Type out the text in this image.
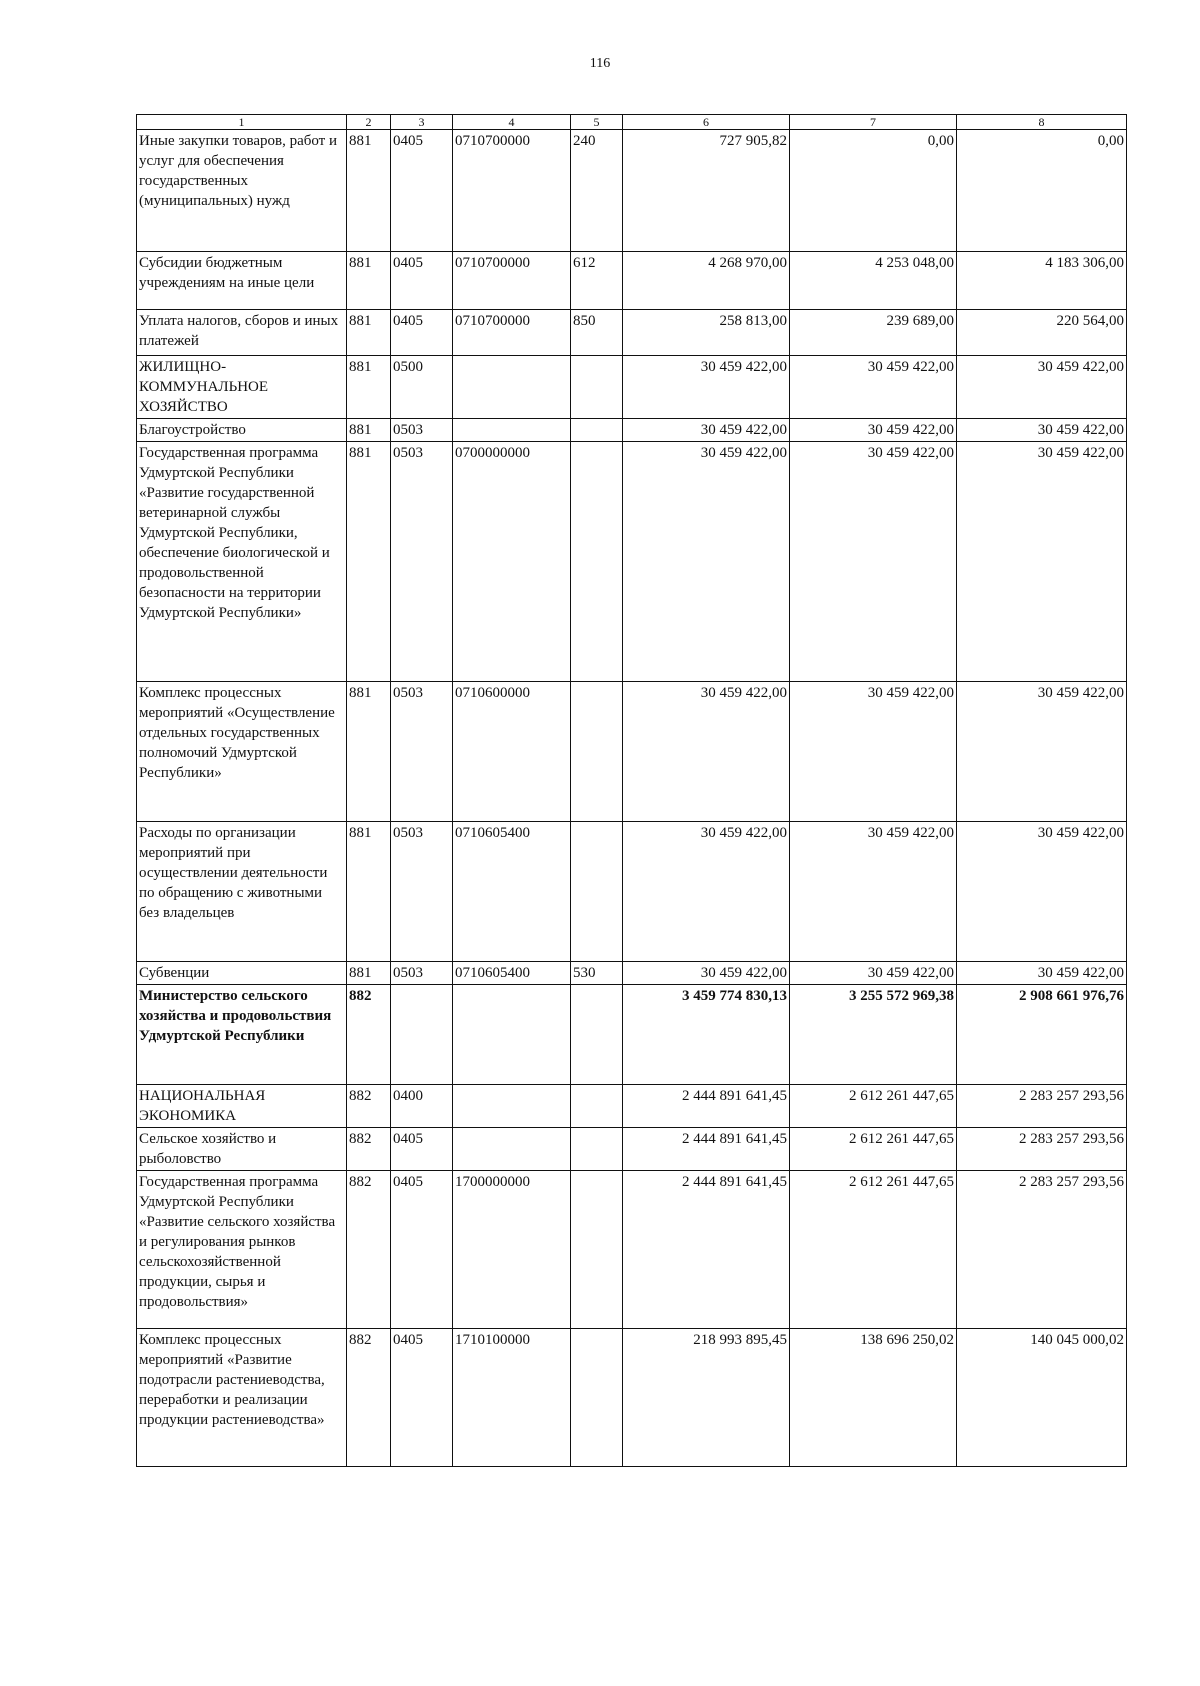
116
1	2	3	4	5	6	7	8
Иные закупки товаров, работ и услуг для обеспечения государственных (муниципальных) нужд	881	0405	0710700000	240	727 905,82	0,00	0,00
Субсидии бюджетным учреждениям на иные цели	881	0405	0710700000	612	4 268 970,00	4 253 048,00	4 183 306,00
Уплата налогов, сборов и иных платежей	881	0405	0710700000	850	258 813,00	239 689,00	220 564,00
ЖИЛИЩНО-КОММУНАЛЬНОЕ ХОЗЯЙСТВО	881	0500			30 459 422,00	30 459 422,00	30 459 422,00
Благоустройство	881	0503			30 459 422,00	30 459 422,00	30 459 422,00
Государственная программа Удмуртской Республики «Развитие государственной ветеринарной службы Удмуртской Республики, обеспечение биологической и продовольственной безопасности на территории Удмуртской Республики»	881	0503	0700000000		30 459 422,00	30 459 422,00	30 459 422,00
Комплекс процессных мероприятий «Осуществление отдельных государственных полномочий Удмуртской Республики»	881	0503	0710600000		30 459 422,00	30 459 422,00	30 459 422,00
Расходы по организации мероприятий при осуществлении деятельности по обращению с животными без владельцев	881	0503	0710605400		30 459 422,00	30 459 422,00	30 459 422,00
Субвенции	881	0503	0710605400	530	30 459 422,00	30 459 422,00	30 459 422,00
Министерство сельского хозяйства и продовольствия Удмуртской Республики	882				3 459 774 830,13	3 255 572 969,38	2 908 661 976,76
НАЦИОНАЛЬНАЯ ЭКОНОМИКА	882	0400			2 444 891 641,45	2 612 261 447,65	2 283 257 293,56
Сельское хозяйство и рыболовство	882	0405			2 444 891 641,45	2 612 261 447,65	2 283 257 293,56
Государственная программа Удмуртской Республики «Развитие сельского хозяйства и регулирования рынков сельскохозяйственной продукции, сырья и продовольствия»	882	0405	1700000000		2 444 891 641,45	2 612 261 447,65	2 283 257 293,56
Комплекс процессных мероприятий «Развитие подотрасли растениеводства, переработки и реализации продукции растениеводства»	882	0405	1710100000		218 993 895,45	138 696 250,02	140 045 000,02
